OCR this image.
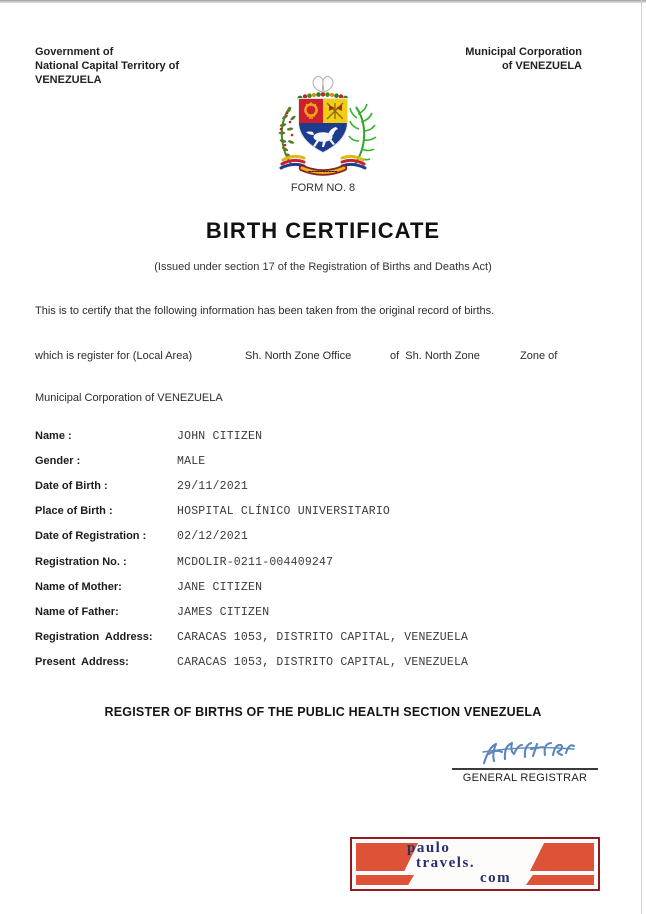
Government of
National Capital Territory of
VENEZUELA
Municipal Corporation
of VENEZUELA
FORM NO. 8
BIRTH CERTIFICATE
(Issued under section 17 of the Registration of Births and Deaths Act)
This is to certify that the following information has been taken from the original record of births.
which is register for (Local Area)	Sh. North Zone Office	of  Sh. North Zone	Zone of
Municipal Corporation of VENEZUELA
Name :	JOHN CITIZEN
Gender :	MALE
Date of Birth :	29/11/2021
Place of Birth :	HOSPITAL CLÍNICO UNIVERSITARIO
Date of Registration :	02/12/2021
Registration No. :	MCDOLIR-0211-004409247
Name of Mother:	JANE CITIZEN
Name of Father:	JAMES CITIZEN
Registration  Address: CARACAS 1053, DISTRITO CAPITAL, VENEZUELA
Present  Address:	CARACAS 1053, DISTRITO CAPITAL, VENEZUELA
REGISTER OF BIRTHS OF THE PUBLIC HEALTH SECTION VENEZUELA
GENERAL REGISTRAR
paulo
travels.
com
